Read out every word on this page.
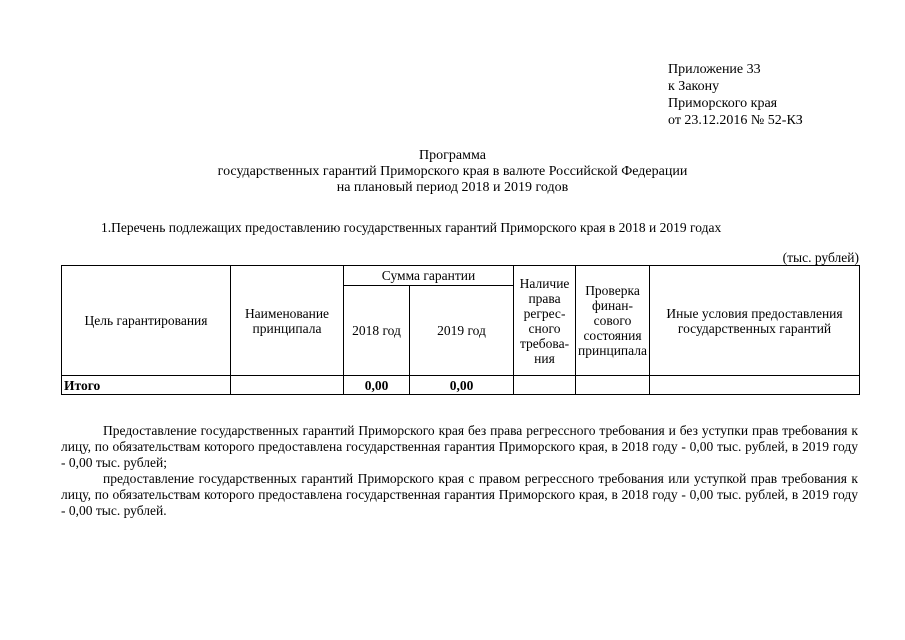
Приложение 33
к Закону
Приморского края
от 23.12.2016 № 52-КЗ
Программа
государственных гарантий Приморского края в валюте Российской Федерации
на плановый период 2018 и 2019 годов
1.Перечень подлежащих предоставлению государственных гарантий Приморского края в 2018 и 2019 годах
(тыс. рублей)
Цель гарантирования	Наименование принципала	Сумма гарантии		Наличие права регрессного требования	Проверка финансового состояния принципала	Иные условия предоставления государственных гарантий
		2018 год	2019 год			
Итого		0,00	0,00			

Предоставление государственных гарантий Приморского края без права регрессного требования и без уступки прав требования к лицу, по обязательствам которого предоставлена государственная гарантия Приморского края, в 2018 году - 0,00 тыс. рублей, в 2019 году - 0,00 тыс. рублей;

предоставление государственных гарантий Приморского края с правом регрессного требования или уступкой прав требования к лицу, по обязательствам которого предоставлена государственная гарантия Приморского края, в 2018 году - 0,00 тыс. рублей, в 2019 году - 0,00 тыс. рублей.
